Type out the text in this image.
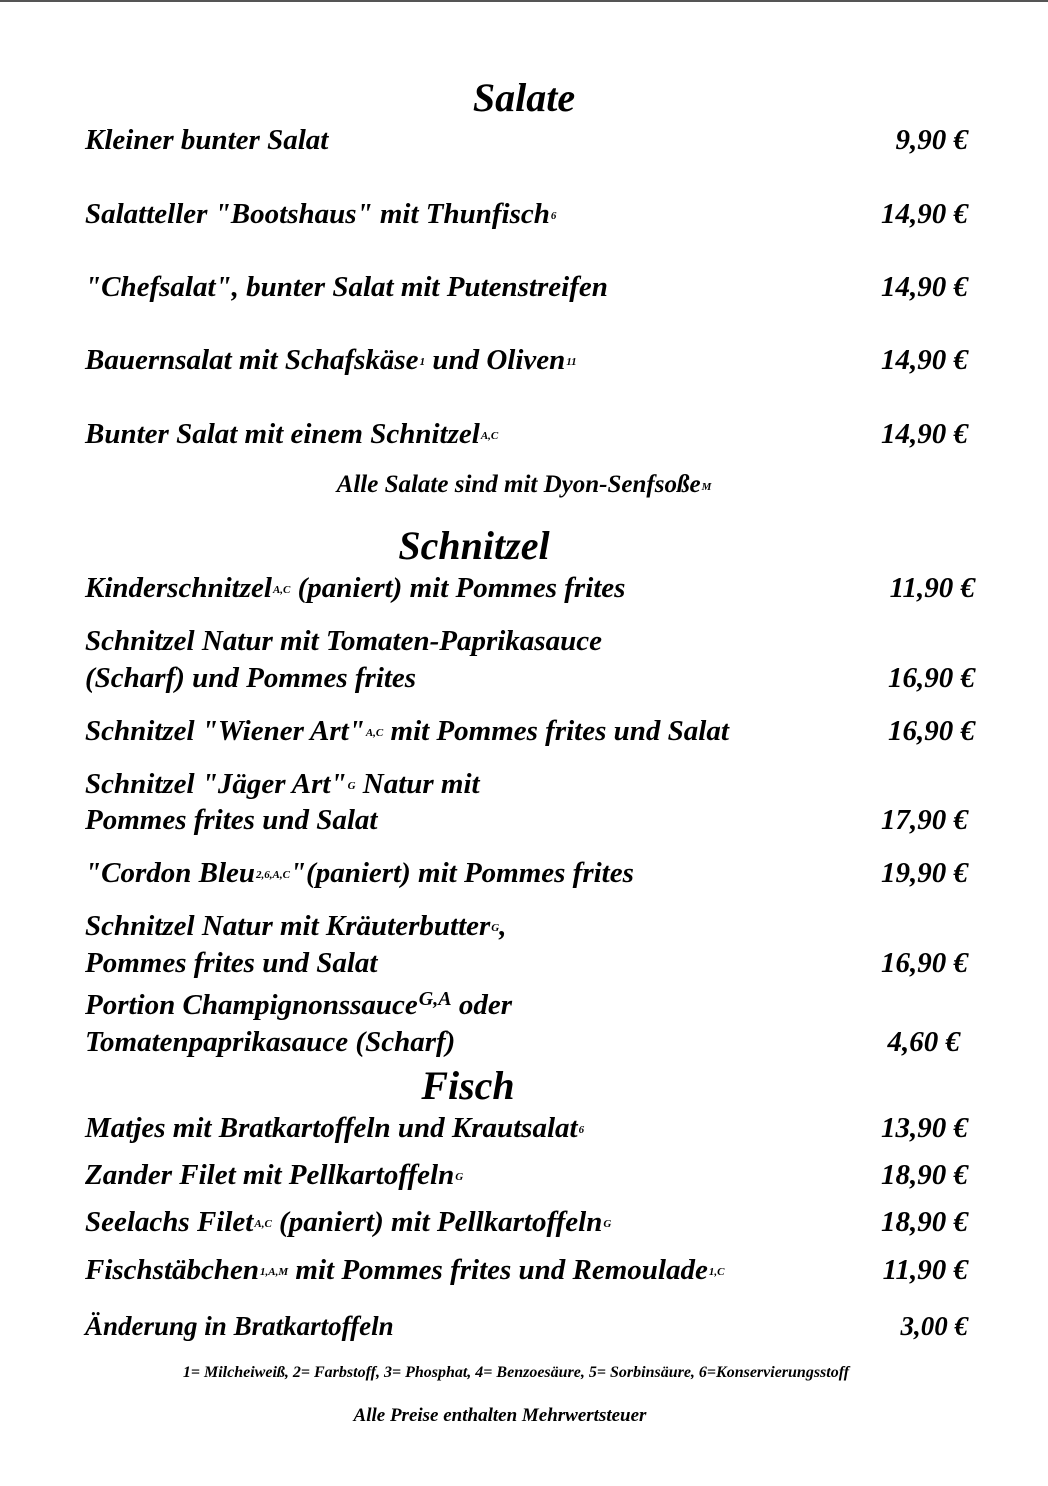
Salate
Kleiner bunter Salat	9,90 €
Salatteller "Bootshaus" mit Thunfisch$^6$	14,90 €
"Chefsalat", bunter Salat mit Putenstreifen	14,90 €
Bauernsalat mit Schafskäse$^1$ und Oliven$^{11}$	14,90 €
Bunter Salat mit einem Schnitzel$^{A,C}$	14,90 €
Alle Salate sind mit Dyon-Senfsoße$^M$
Schnitzel
Kinderschnitzel$^{A,C}$ (paniert) mit Pommes frites	11,90 €
Schnitzel Natur mit Tomaten-Paprikasauce
(Scharf) und Pommes frites	16,90 €
Schnitzel "Wiener Art"$^{A,C}$ mit Pommes frites und Salat	16,90 €
Schnitzel "Jäger Art"$^G$ Natur mit
Pommes frites und Salat	17,90 €
"Cordon Bleu$^{2,6,A,C}$"(paniert) mit Pommes frites	19,90 €
Schnitzel Natur mit Kräuterbutter$^G$,
Pommes frites und Salat	16,90 €
Portion Champignonssauce$^{G,A}$ oder
Tomatenpaprikasauce (Scharf)	4,60 €
Fisch
Matjes mit Bratkartoffeln und Krautsalat$^6$	13,90 €
Zander Filet mit Pellkartoffeln$^G$	18,90 €
Seelachs Filet$^{A,C}$ (paniert) mit Pellkartoffeln$^G$	18,90 €
Fischstäbchen$^{1,A,M}$ mit Pommes frites und Remoulade$^{1,C}$	11,90 €
Änderung in Bratkartoffeln	3,00 €
1= Milcheiweiß, 2= Farbstoff, 3= Phosphat, 4= Benzoesäure, 5= Sorbinsäure, 6=Konservierungsstoff
Alle Preise enthalten Mehrwertsteuer
